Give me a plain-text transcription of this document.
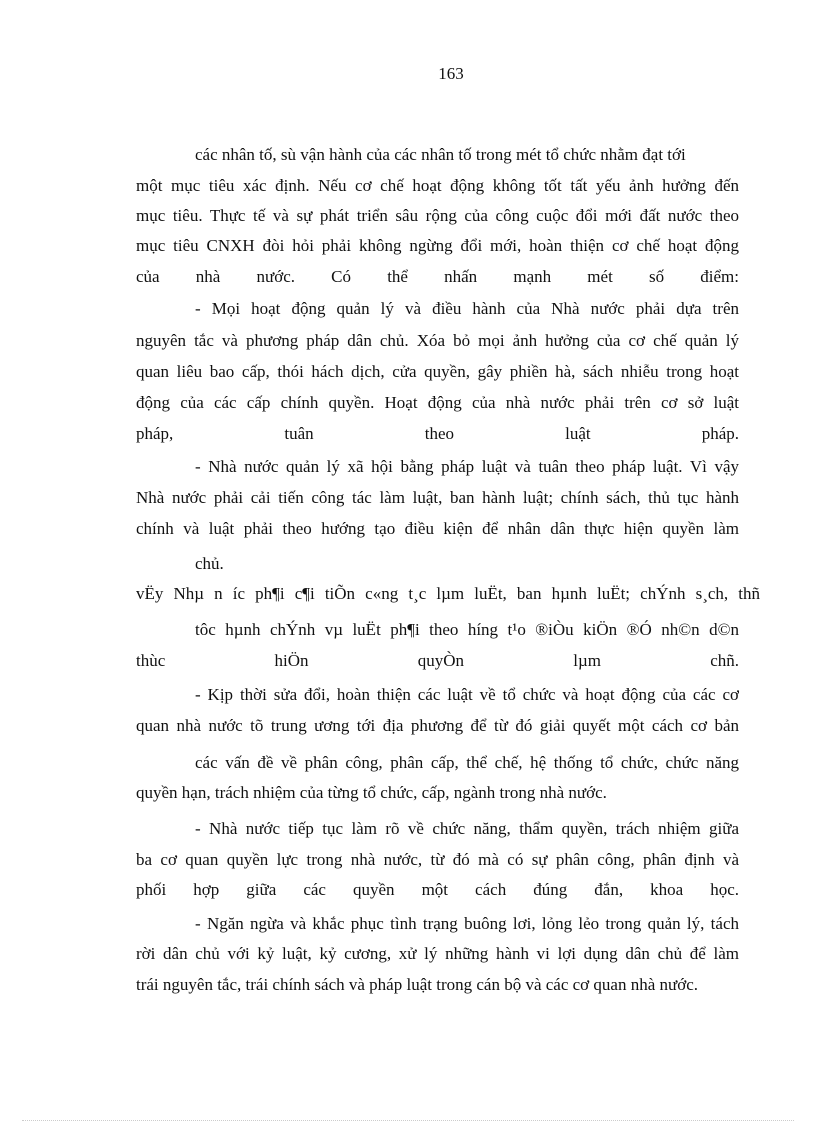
163
các nhân tố, sù vận hành của các nhân tố trong mét tổ chức nhằm đạt tới
một mục tiêu xác định. Nếu cơ chế hoạt động không tốt tất yếu ảnh hưởng đến
mục tiêu. Thực tế và sự phát triển sâu rộng của công cuộc đổi mới đất nước theo
mục tiêu CNXH đòi hỏi phải không ngừng đổi mới, hoàn thiện cơ chế hoạt động
của nhà nước. Có thể nhấn mạnh mét số điểm:
- Mọi hoạt động quản lý và điều hành của Nhà nước phải dựa trên
nguyên tắc và phương pháp dân chủ. Xóa bỏ mọi ảnh hưởng của cơ chế quản lý
quan liêu bao cấp, thói hách dịch, cửa quyền, gây phiền hà, sách nhiễu trong hoạt
động của các cấp chính quyền. Hoạt động của nhà nước phải trên cơ sở luật
pháp, tuân theo luật pháp.
- Nhà nước quản lý xã hội bằng pháp luật và tuân theo pháp luật. Vì vậy
Nhà nước phải cải tiến công tác làm luật, ban hành luật; chính sách, thủ tục hành
chính và luật phải theo hướng tạo điều kiện để nhân dân thực hiện quyền làm
chủ.
vËy Nhµ n íc ph¶i c¶i tiÕn c«ng t¸c lµm luËt, ban hµnh luËt; chÝnh s¸ch, thñ
tôc hµnh chÝnh vµ luËt ph¶i theo híng t¹o ®iÒu kiÖn ®Ó nh©n d©n
thùc hiÖn quyÒn lµm chñ.
- Kịp thời sửa đổi, hoàn thiện các luật về tổ chức và hoạt động của các cơ
quan nhà nước tõ trung ương tới địa phương để từ đó giải quyết một cách cơ bản
các vấn đề về phân công, phân cấp, thể chế, hệ thống tổ chức, chức năng
quyền hạn, trách nhiệm của từng tổ chức, cấp, ngành trong nhà nước.
- Nhà nước tiếp tục làm rõ về chức năng, thẩm quyền, trách nhiệm giữa
ba cơ quan quyền lực trong nhà nước, từ đó mà có sự phân công, phân định và
phối hợp giữa các quyền một cách đúng đắn, khoa học.
- Ngăn ngừa và khắc phục tình trạng buông lơi, lỏng lẻo trong quản lý, tách
rời dân chủ với kỷ luật, kỷ cương, xử lý những hành vi lợi dụng dân chủ để làm
trái nguyên tắc, trái chính sách và pháp luật trong cán bộ và các cơ quan nhà nước.
